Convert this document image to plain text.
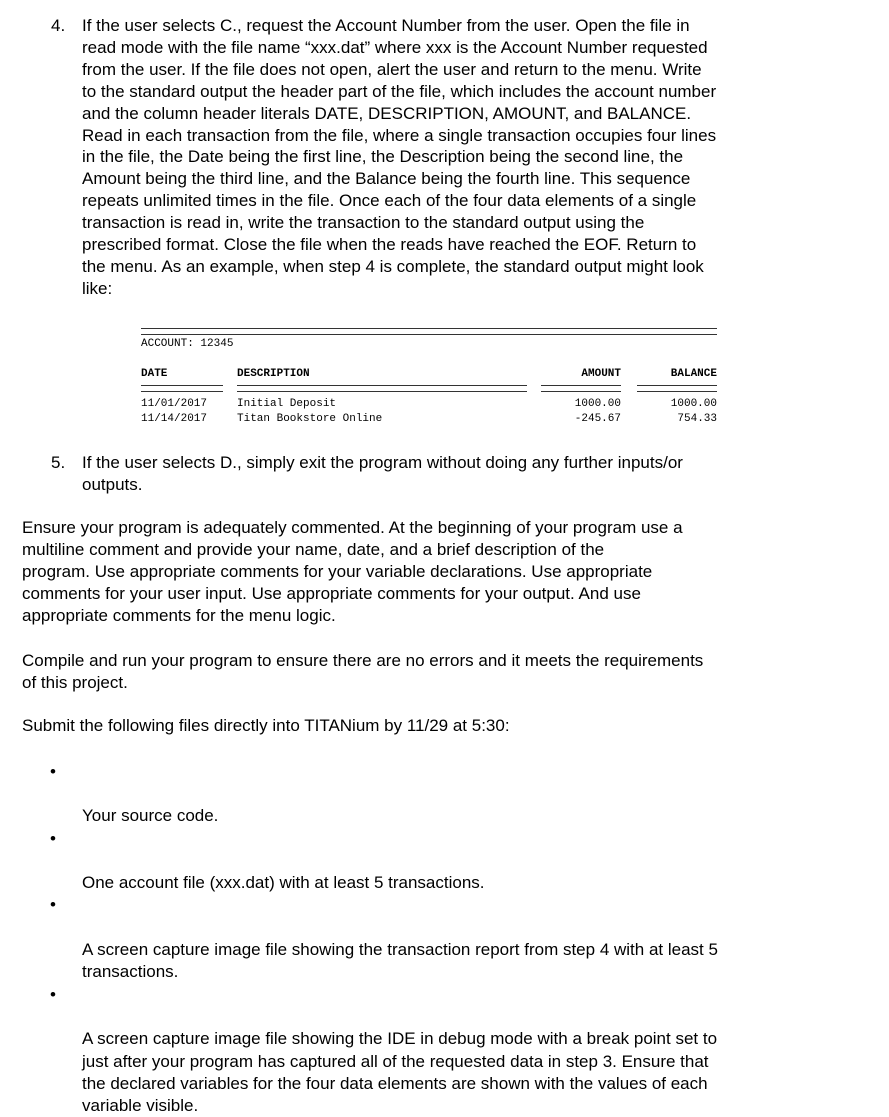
4. If the user selects C., request the Account Number from the user. Open the file in
read mode with the file name “xxx.dat” where xxx is the Account Number requested
from the user. If the file does not open, alert the user and return to the menu. Write
to the standard output the header part of the file, which includes the account number
and the column header literals DATE, DESCRIPTION, AMOUNT, and BALANCE.
Read in each transaction from the file, where a single transaction occupies four lines
in the file, the Date being the first line, the Description being the second line, the
Amount being the third line, and the Balance being the fourth line. This sequence
repeats unlimited times in the file. Once each of the four data elements of a single
transaction is read in, write the transaction to the standard output using the
prescribed format. Close the file when the reads have reached the EOF. Return to
the menu. As an example, when step 4 is complete, the standard output might look
like:
ACCOUNT: 12345
DATE	DESCRIPTION	AMOUNT	BALANCE
11/01/2017	Initial Deposit	1000.00	1000.00
11/14/2017	Titan Bookstore Online	-245.67	754.33
5. If the user selects D., simply exit the program without doing any further inputs/or
outputs.
Ensure your program is adequately commented. At the beginning of your program use a
multiline comment and provide your name, date, and a brief description of the
program. Use appropriate comments for your variable declarations. Use appropriate
comments for your user input. Use appropriate comments for your output. And use
appropriate comments for the menu logic.
Compile and run your program to ensure there are no errors and it meets the requirements
of this project.
Submit the following files directly into TITANium by 11/29 at 5:30:

•

Your source code.

•

One account file (xxx.dat) with at least 5 transactions.

•

A screen capture image file showing the transaction report from step 4 with at least 5
transactions.

•

A screen capture image file showing the IDE in debug mode with a break point set to
just after your program has captured all of the requested data in step 3. Ensure that
the declared variables for the four data elements are shown with the values of each
variable visible.
